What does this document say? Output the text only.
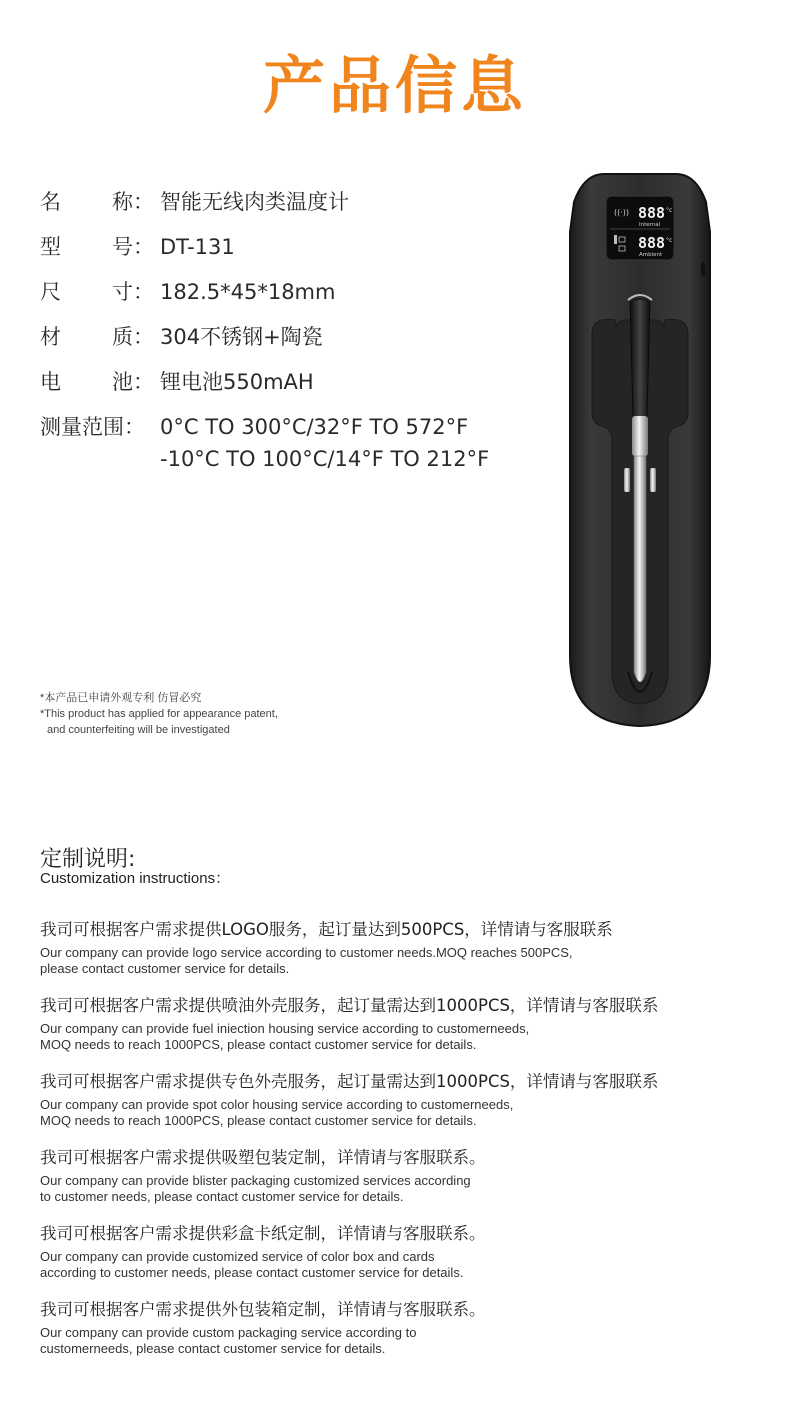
产品信息
名 称： 智能无线肉类温度计
型 号： DT-131
尺 寸： 182.5*45*18mm
材 质： 304不锈钢+陶瓷
电 池： 锂电池550mAH
测量范围： 0°C TO 300°C/32°F TO 572°F
-10°C TO 100°C/14°F TO 212°F
*本产品已申请外观专利 仿冒必究
*This product has applied for appearance patent,
and counterfeiting will be investigated
((·)) 888 °c
Internal
888 °c
Ambient
定制说明:
Customization instructions：
我司可根据客户需求提供LOGO服务，起订量达到500PCS，详情请与客服联系
Our company can provide logo service according to customer needs.MOQ reaches 500PCS,
please contact customer service for details.
我司可根据客户需求提供喷油外壳服务，起订量需达到1000PCS，详情请与客服联系
Our company can provide fuel iniection housing service according to customerneeds,
MOQ needs to reach 1000PCS, please contact customer service for details.
我司可根据客户需求提供专色外壳服务，起订量需达到1000PCS，详情请与客服联系
Our company can provide spot color housing service according to customerneeds,
MOQ needs to reach 1000PCS, please contact customer service for details.
我司可根据客户需求提供吸塑包装定制，详情请与客服联系。
Our company can provide blister packaging customized services according
to customer needs, please contact customer service for details.
我司可根据客户需求提供彩盒卡纸定制，详情请与客服联系。
Our company can provide customized service of color box and cards
according to customer needs, please contact customer service for details.
我司可根据客户需求提供外包装箱定制，详情请与客服联系。
Our company can provide custom packaging service according to
customerneeds, please contact customer service for details.
